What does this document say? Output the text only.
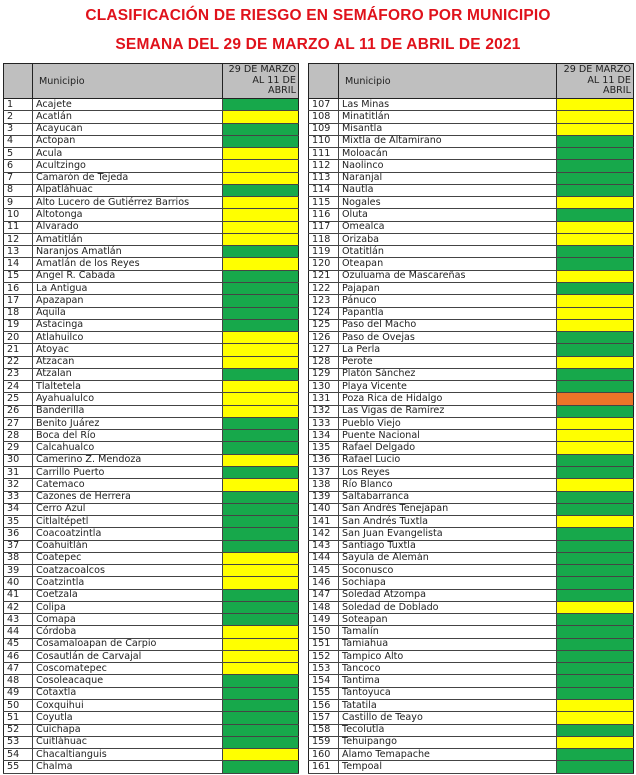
CLASIFICACIÓN DE RIESGO EN SEMÁFORO POR MUNICIPIO
SEMANA DEL 29 DE MARZO AL 11 DE ABRIL DE 2021
	Municipio	29 DE MARZO AL 11 DE ABRIL
1	Acajete	
2	Acatlán	
3	Acayucan	
4	Actopan	
5	Acula	
6	Acultzingo	
7	Camarón de Tejeda	
8	Alpatláhuac	
9	Alto Lucero de Gutiérrez Barrios	
10	Altotonga	
11	Alvarado	
12	Amatitlán	
13	Naranjos Amatlán	
14	Amatlán de los Reyes	
15	Angel R. Cabada	
16	La Antigua	
17	Apazapan	
18	Aquila	
19	Astacinga	
20	Atlahuilco	
21	Atoyac	
22	Atzacan	
23	Atzalan	
24	Tlaltetela	
25	Ayahualulco	
26	Banderilla	
27	Benito Juárez	
28	Boca del Río	
29	Calcahualco	
30	Camerino Z. Mendoza	
31	Carrillo Puerto	
32	Catemaco	
33	Cazones de Herrera	
34	Cerro Azul	
35	Citlaltépetl	
36	Coacoatzintla	
37	Coahuitlán	
38	Coatepec	
39	Coatzacoalcos	
40	Coatzintla	
41	Coetzala	
42	Colipa	
43	Comapa	
44	Córdoba	
45	Cosamaloapan de Carpio	
46	Cosautlán de Carvajal	
47	Coscomatepec	
48	Cosoleacaque	
49	Cotaxtla	
50	Coxquihui	
51	Coyutla	
52	Cuichapa	
53	Cuitláhuac	
54	Chacaltianguis	
55	Chalma	
	Municipio	29 DE MARZO AL 11 DE ABRIL
107	Las Minas	
108	Minatitlán	
109	Misantla	
110	Mixtla de Altamirano	
111	Moloacán	
112	Naolinco	
113	Naranjal	
114	Nautla	
115	Nogales	
116	Oluta	
117	Omealca	
118	Orizaba	
119	Otatitlán	
120	Oteapan	
121	Ozuluama de Mascareñas	
122	Pajapan	
123	Pánuco	
124	Papantla	
125	Paso del Macho	
126	Paso de Ovejas	
127	La Perla	
128	Perote	
129	Platón Sánchez	
130	Playa Vicente	
131	Poza Rica de Hidalgo	
132	Las Vigas de Ramírez	
133	Pueblo Viejo	
134	Puente Nacional	
135	Rafael Delgado	
136	Rafael Lucio	
137	Los Reyes	
138	Río Blanco	
139	Saltabarranca	
140	San Andrés Tenejapan	
141	San Andrés Tuxtla	
142	San Juan Evangelista	
143	Santiago Tuxtla	
144	Sayula de Alemán	
145	Soconusco	
146	Sochiapa	
147	Soledad Atzompa	
148	Soledad de Doblado	
149	Soteapan	
150	Tamalín	
151	Tamiahua	
152	Tampico Alto	
153	Tancoco	
154	Tantima	
155	Tantoyuca	
156	Tatatila	
157	Castillo de Teayo	
158	Tecolutla	
159	Tehuipango	
160	Álamo Temapache	
161	Tempoal	
